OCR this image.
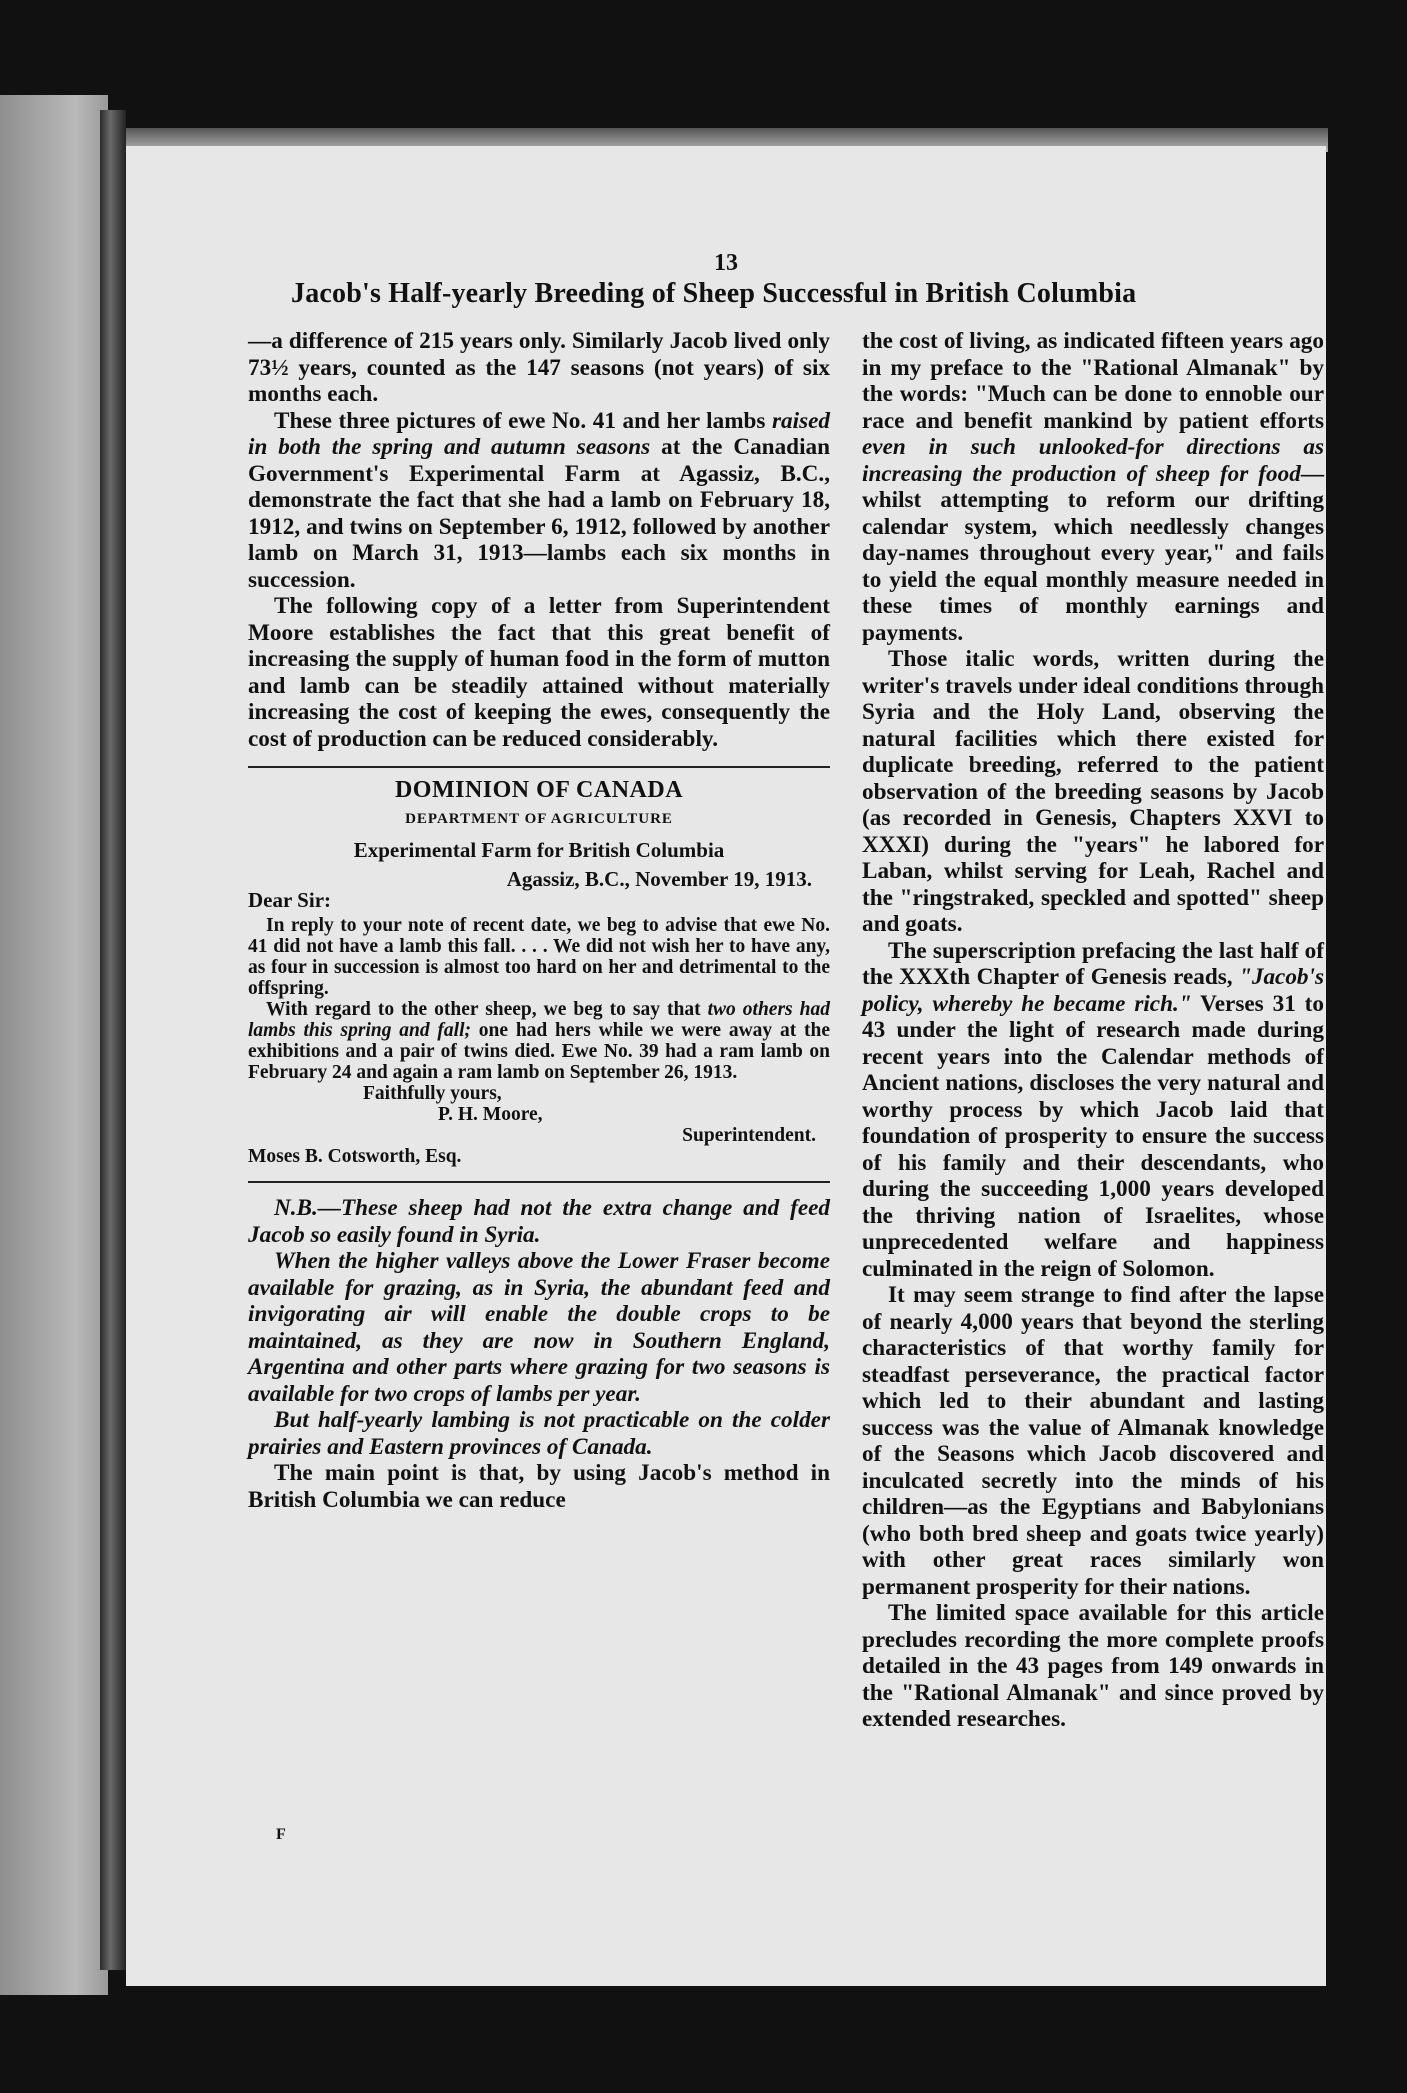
13
Jacob's Half-yearly Breeding of Sheep Successful in British Columbia

—a difference of 215 years only. Similarly Jacob lived only 73½ years, counted as the 147 seasons (not years) of six months each.

These three pictures of ewe No. 41 and her lambs raised in both the spring and autumn seasons at the Canadian Government's Experimental Farm at Agassiz, B.C., demonstrate the fact that she had a lamb on February 18, 1912, and twins on September 6, 1912, followed by another lamb on March 31, 1913—lambs each six months in succession.

The following copy of a letter from Superintendent Moore establishes the fact that this great benefit of increasing the supply of human food in the form of mutton and lamb can be steadily attained without materially increasing the cost of keeping the ewes, consequently the cost of production can be reduced considerably.

DOMINION OF CANADA
DEPARTMENT OF AGRICULTURE
Experimental Farm for British Columbia
Agassiz, B.C., November 19, 1913.
Dear Sir:

In reply to your note of recent date, we beg to advise that ewe No. 41 did not have a lamb this fall. . . . We did not wish her to have any, as four in succession is almost too hard on her and detrimental to the offspring.

With regard to the other sheep, we beg to say that two others had lambs this spring and fall; one had hers while we were away at the exhibitions and a pair of twins died. Ewe No. 39 had a ram lamb on February 24 and again a ram lamb on September 26, 1913.

Faithfully yours,
P. H. Moore,
Superintendent.
Moses B. Cotsworth, Esq.

N.B.—These sheep had not the extra change and feed Jacob so easily found in Syria.

When the higher valleys above the Lower Fraser become available for grazing, as in Syria, the abundant feed and invigorating air will enable the double crops to be maintained, as they are now in Southern England, Argentina and other parts where grazing for two seasons is available for two crops of lambs per year.

But half-yearly lambing is not practicable on the colder prairies and Eastern provinces of Canada.

The main point is that, by using Jacob's method in British Columbia we can reduce

the cost of living, as indicated fifteen years ago in my preface to the "Rational Almanak" by the words: "Much can be done to ennoble our race and benefit mankind by patient efforts even in such unlooked-for directions as increasing the production of sheep for food—whilst attempting to reform our drifting calendar system, which needlessly changes day-names throughout every year," and fails to yield the equal monthly measure needed in these times of monthly earnings and payments.

Those italic words, written during the writer's travels under ideal conditions through Syria and the Holy Land, observing the natural facilities which there existed for duplicate breeding, referred to the patient observation of the breeding seasons by Jacob (as recorded in Genesis, Chapters XXVI to XXXI) during the "years" he labored for Laban, whilst serving for Leah, Rachel and the "ringstraked, speckled and spotted" sheep and goats.

The superscription prefacing the last half of the XXXth Chapter of Genesis reads, "Jacob's policy, whereby he became rich." Verses 31 to 43 under the light of research made during recent years into the Calendar methods of Ancient nations, discloses the very natural and worthy process by which Jacob laid that foundation of prosperity to ensure the success of his family and their descendants, who during the succeeding 1,000 years developed the thriving nation of Israelites, whose unprecedented welfare and happiness culminated in the reign of Solomon.

It may seem strange to find after the lapse of nearly 4,000 years that beyond the sterling characteristics of that worthy family for steadfast perseverance, the practical factor which led to their abundant and lasting success was the value of Almanak knowledge of the Seasons which Jacob discovered and inculcated secretly into the minds of his children—as the Egyptians and Babylonians (who both bred sheep and goats twice yearly) with other great races similarly won permanent prosperity for their nations.

The limited space available for this article precludes recording the more complete proofs detailed in the 43 pages from 149 onwards in the "Rational Almanak" and since proved by extended researches.

F
